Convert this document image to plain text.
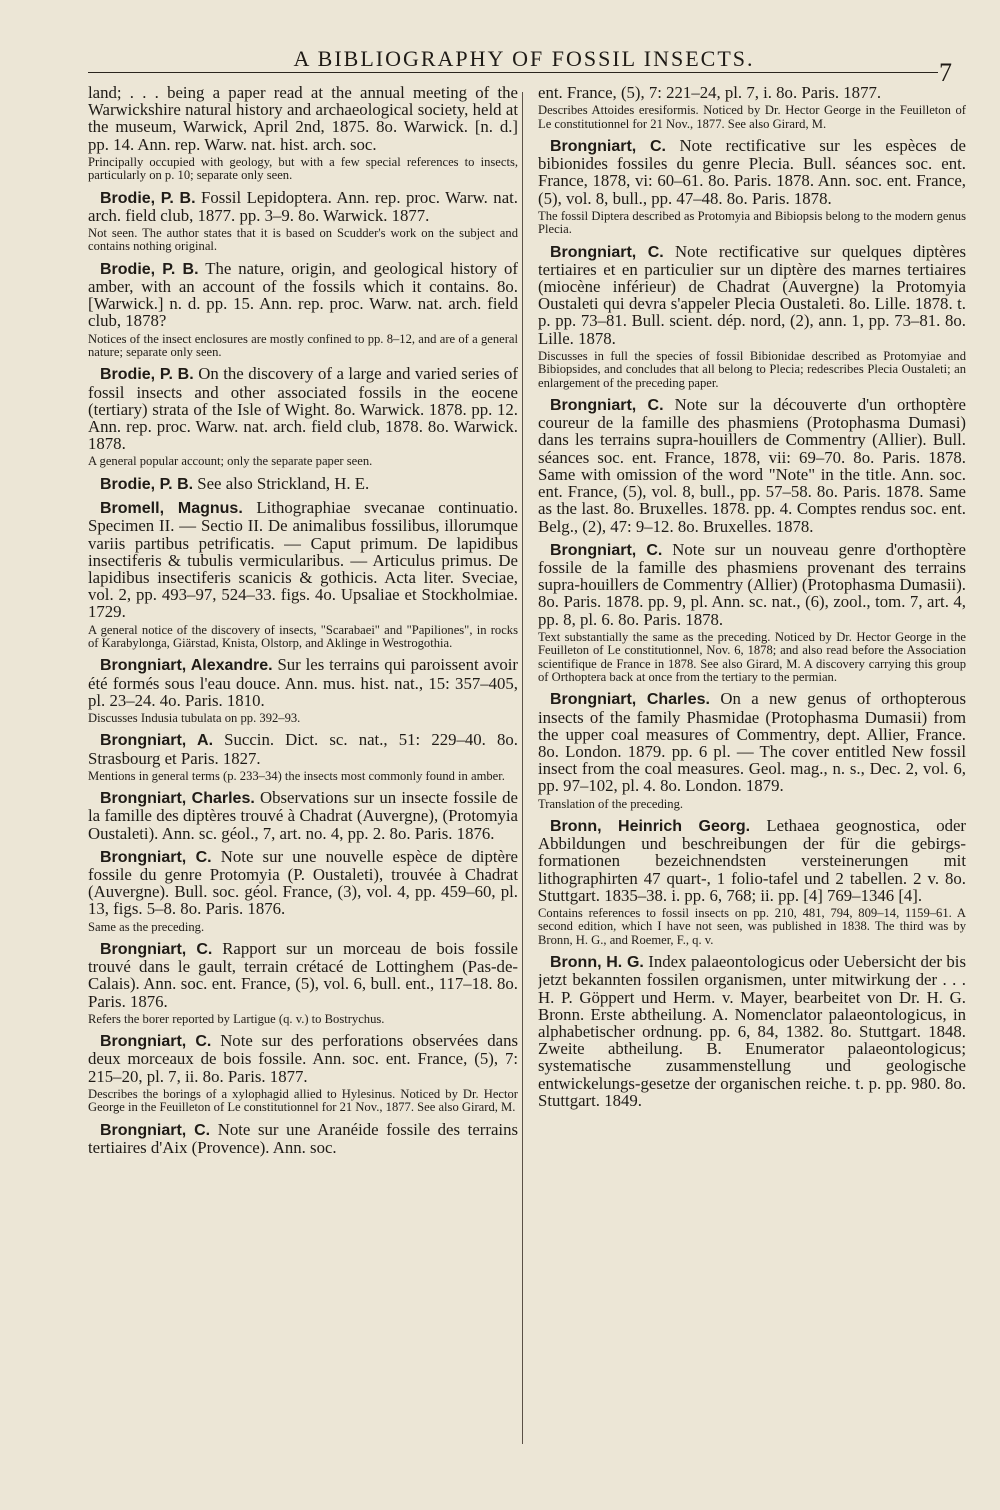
A BIBLIOGRAPHY OF FOSSIL INSECTS.	7

land; . . . being a paper read at the annual meeting of the Warwickshire natural history and archaeological society, held at the museum, Warwick, April 2nd, 1875. 8o. Warwick. [n. d.] pp. 14. Ann. rep. Warw. nat. hist. arch. soc.

Principally occupied with geology, but with a few special references to insects, particularly on p. 10; separate only seen.

Brodie, P. B. Fossil Lepidoptera. Ann. rep. proc. Warw. nat. arch. field club, 1877. pp. 3–9. 8o. Warwick. 1877.

Not seen. The author states that it is based on Scudder's work on the subject and contains nothing original.

Brodie, P. B. The nature, origin, and geological history of amber, with an account of the fossils which it contains. 8o. [Warwick.] n. d. pp. 15. Ann. rep. proc. Warw. nat. arch. field club, 1878?

Notices of the insect enclosures are mostly confined to pp. 8–12, and are of a general nature; separate only seen.

Brodie, P. B. On the discovery of a large and varied series of fossil insects and other associated fossils in the eocene (tertiary) strata of the Isle of Wight. 8o. Warwick. 1878. pp. 12. Ann. rep. proc. Warw. nat. arch. field club, 1878. 8o. Warwick. 1878.

A general popular account; only the separate paper seen.

Brodie, P. B. See also Strickland, H. E.

Bromell, Magnus. Lithographiae svecanae continuatio. Specimen II. — Sectio II. De animalibus fossilibus, illorumque variis partibus petrificatis. — Caput primum. De lapidibus insectiferis & tubulis vermicularibus. — Articulus primus. De lapidibus insectiferis scanicis & gothicis. Acta liter. Sveciae, vol. 2, pp. 493–97, 524–33. figs. 4o. Upsaliae et Stockholmiae. 1729.

A general notice of the discovery of insects, "Scarabaei" and "Papiliones", in rocks of Karabylonga, Giärstad, Knista, Olstorp, and Aklinge in Westrogothia.

Brongniart, Alexandre. Sur les terrains qui paroissent avoir été formés sous l'eau douce. Ann. mus. hist. nat., 15: 357–405, pl. 23–24. 4o. Paris. 1810.

Discusses Indusia tubulata on pp. 392–93.

Brongniart, A. Succin. Dict. sc. nat., 51: 229–40. 8o. Strasbourg et Paris. 1827.

Mentions in general terms (p. 233–34) the insects most commonly found in amber.

Brongniart, Charles. Observations sur un insecte fossile de la famille des diptères trouvé à Chadrat (Auvergne), (Protomyia Oustaleti). Ann. sc. géol., 7, art. no. 4, pp. 2. 8o. Paris. 1876.

Brongniart, C. Note sur une nouvelle espèce de diptère fossile du genre Protomyia (P. Oustaleti), trouvée à Chadrat (Auvergne). Bull. soc. géol. France, (3), vol. 4, pp. 459–60, pl. 13, figs. 5–8. 8o. Paris. 1876.

Same as the preceding.

Brongniart, C. Rapport sur un morceau de bois fossile trouvé dans le gault, terrain crétacé de Lottinghem (Pas-de-Calais). Ann. soc. ent. France, (5), vol. 6, bull. ent., 117–18. 8o. Paris. 1876.

Refers the borer reported by Lartigue (q. v.) to Bostrychus.

Brongniart, C. Note sur des perforations observées dans deux morceaux de bois fossile. Ann. soc. ent. France, (5), 7: 215–20, pl. 7, ii. 8o. Paris. 1877.

Describes the borings of a xylophagid allied to Hylesinus. Noticed by Dr. Hector George in the Feuilleton of Le constitutionnel for 21 Nov., 1877. See also Girard, M.

Brongniart, C. Note sur une Aranéide fossile des terrains tertiaires d'Aix (Provence). Ann. soc.

ent. France, (5), 7: 221–24, pl. 7, i. 8o. Paris. 1877.

Describes Attoides eresiformis. Noticed by Dr. Hector George in the Feuilleton of Le constitutionnel for 21 Nov., 1877. See also Girard, M.

Brongniart, C. Note rectificative sur les espèces de bibionides fossiles du genre Plecia. Bull. séances soc. ent. France, 1878, vi: 60–61. 8o. Paris. 1878. Ann. soc. ent. France, (5), vol. 8, bull., pp. 47–48. 8o. Paris. 1878.

The fossil Diptera described as Protomyia and Bibiopsis belong to the modern genus Plecia.

Brongniart, C. Note rectificative sur quelques diptères tertiaires et en particulier sur un diptère des marnes tertiaires (miocène inférieur) de Chadrat (Auvergne) la Protomyia Oustaleti qui devra s'appeler Plecia Oustaleti. 8o. Lille. 1878. t. p. pp. 73–81. Bull. scient. dép. nord, (2), ann. 1, pp. 73–81. 8o. Lille. 1878.

Discusses in full the species of fossil Bibionidae described as Protomyiae and Bibiopsides, and concludes that all belong to Plecia; redescribes Plecia Oustaleti; an enlargement of the preceding paper.

Brongniart, C. Note sur la découverte d'un orthoptère coureur de la famille des phasmiens (Protophasma Dumasi) dans les terrains supra-houillers de Commentry (Allier). Bull. séances soc. ent. France, 1878, vii: 69–70. 8o. Paris. 1878. Same with omission of the word "Note" in the title. Ann. soc. ent. France, (5), vol. 8, bull., pp. 57–58. 8o. Paris. 1878. Same as the last. 8o. Bruxelles. 1878. pp. 4. Comptes rendus soc. ent. Belg., (2), 47: 9–12. 8o. Bruxelles. 1878.

Brongniart, C. Note sur un nouveau genre d'orthoptère fossile de la famille des phasmiens provenant des terrains supra-houillers de Commentry (Allier) (Protophasma Dumasii). 8o. Paris. 1878. pp. 9, pl. Ann. sc. nat., (6), zool., tom. 7, art. 4, pp. 8, pl. 6. 8o. Paris. 1878.

Text substantially the same as the preceding. Noticed by Dr. Hector George in the Feuilleton of Le constitutionnel, Nov. 6, 1878; and also read before the Association scientifique de France in 1878. See also Girard, M. A discovery carrying this group of Orthoptera back at once from the tertiary to the permian.

Brongniart, Charles. On a new genus of orthopterous insects of the family Phasmidae (Protophasma Dumasii) from the upper coal measures of Commentry, dept. Allier, France. 8o. London. 1879. pp. 6 pl. — The cover entitled New fossil insect from the coal measures. Geol. mag., n. s., Dec. 2, vol. 6, pp. 97–102, pl. 4. 8o. London. 1879.

Translation of the preceding.

Bronn, Heinrich Georg. Lethaea geognostica, oder Abbildungen und beschreibungen der für die gebirgs-formationen bezeichnendsten versteinerungen mit lithographirten 47 quart-, 1 folio-tafel und 2 tabellen. 2 v. 8o. Stuttgart. 1835–38. i. pp. 6, 768; ii. pp. [4] 769–1346 [4].

Contains references to fossil insects on pp. 210, 481, 794, 809–14, 1159–61. A second edition, which I have not seen, was published in 1838. The third was by Bronn, H. G., and Roemer, F., q. v.

Bronn, H. G. Index palaeontologicus oder Uebersicht der bis jetzt bekannten fossilen organismen, unter mitwirkung der . . . H. P. Göppert und Herm. v. Mayer, bearbeitet von Dr. H. G. Bronn. Erste abtheilung. A. Nomenclator palaeontologicus, in alphabetischer ordnung. pp. 6, 84, 1382. 8o. Stuttgart. 1848. Zweite abtheilung. B. Enumerator palaeontologicus; systematische zusammenstellung und geologische entwickelungs-gesetze der organischen reiche. t. p. pp. 980. 8o. Stuttgart. 1849.
